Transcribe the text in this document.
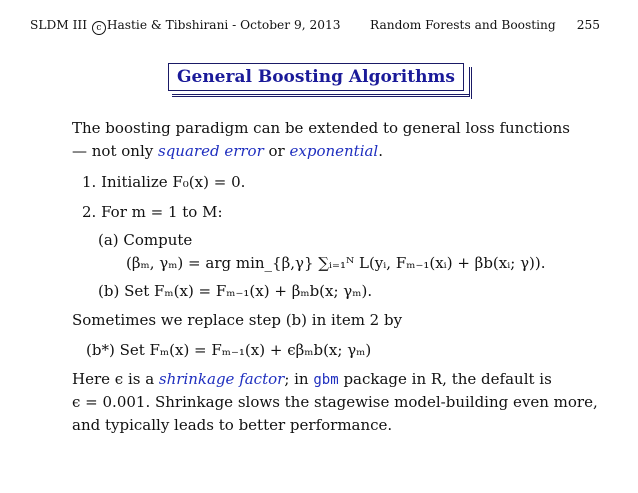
SLDM III c Hastie & Tibshirani - October 9, 2013 Random Forests and Boosting 255
General Boosting Algorithms
The boosting paradigm can be extended to general loss functions
— not only squared error or exponential.
1. Initialize F₀(x) = 0.
2. For m = 1 to M:
(a) Compute
(βₘ, γₘ) = arg min_{β,γ} ∑ᵢ₌₁ᴺ L(yᵢ, Fₘ₋₁(xᵢ) + βb(xᵢ; γ)).
(b) Set Fₘ(x) = Fₘ₋₁(x) + βₘb(x; γₘ).
Sometimes we replace step (b) in item 2 by
(b*) Set Fₘ(x) = Fₘ₋₁(x) + ϵβₘb(x; γₘ)
Here ϵ is a shrinkage factor; in gbm package in R, the default is
ϵ = 0.001. Shrinkage slows the stagewise model-building even more,
and typically leads to better performance.
